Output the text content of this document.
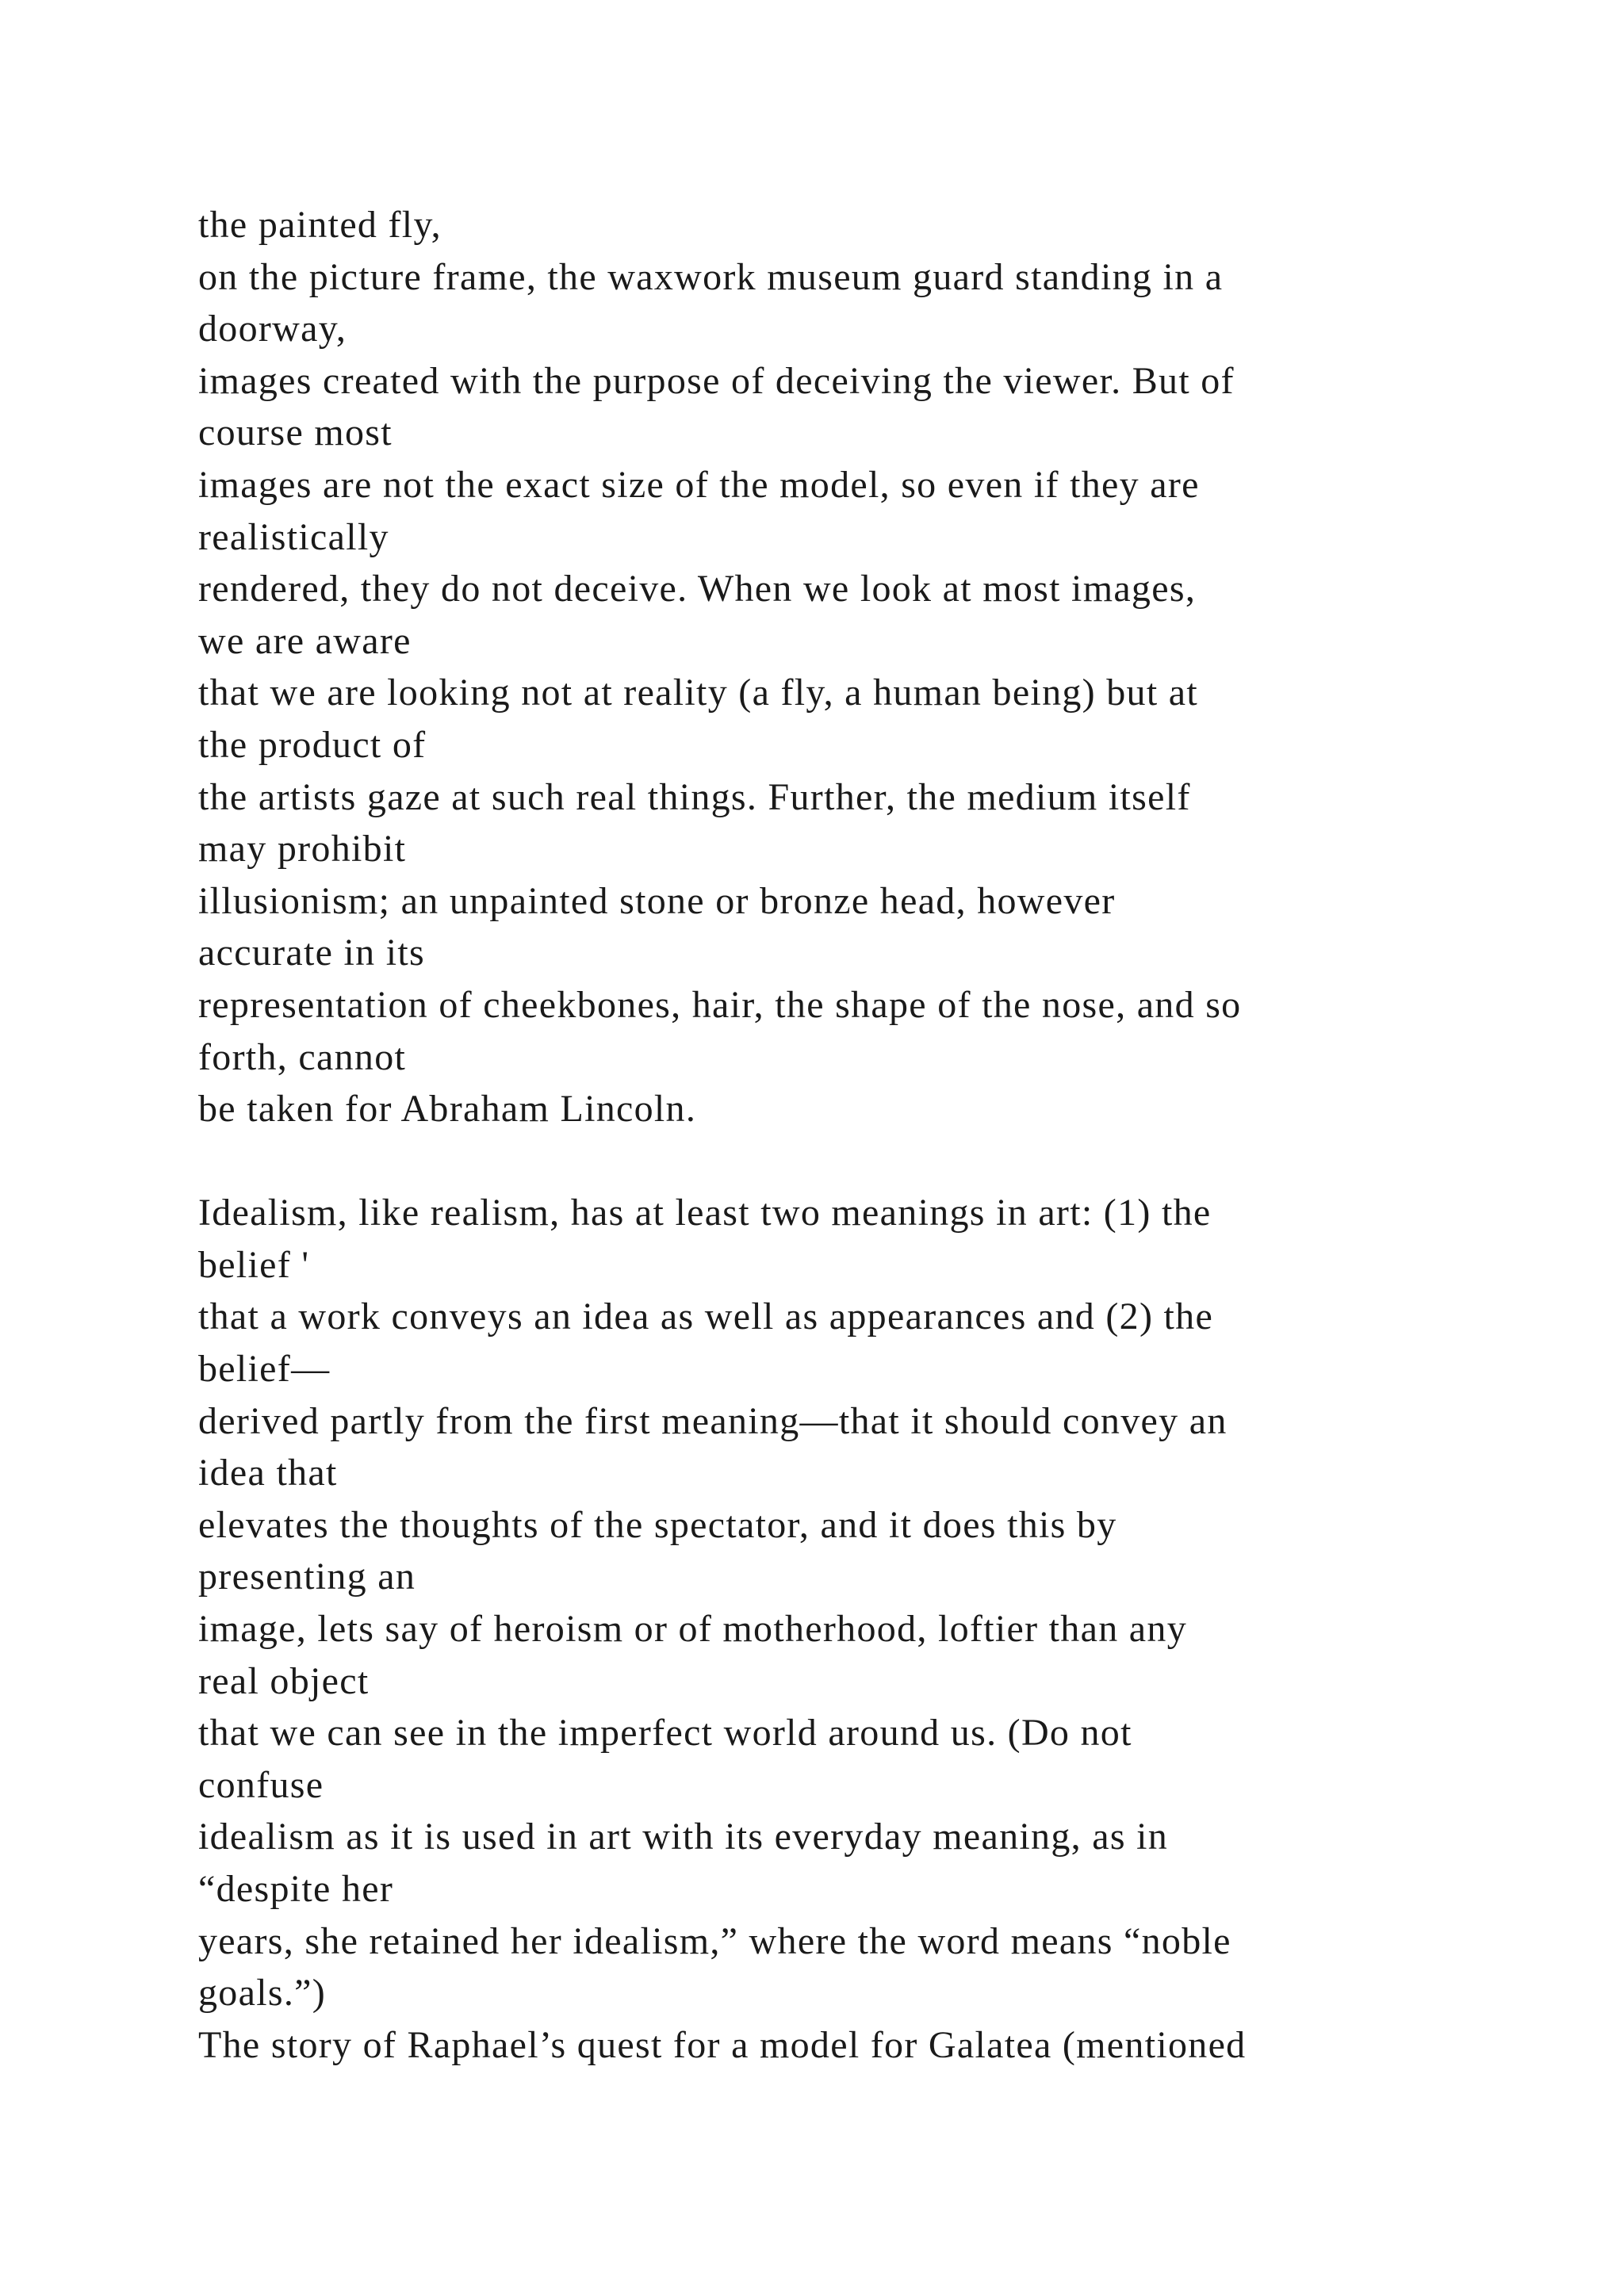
the painted fly,
on the picture frame, the waxwork museum guard standing in a
doorway,
images created with the purpose of deceiving the viewer. But of
course most
images are not the exact size of the model, so even if they are
realistically
rendered, they do not deceive. When we look at most images,
we are aware
that we are looking not at reality (a fly, a human being) but at
the product of
the artists gaze at such real things. Further, the medium itself
may prohibit
illusionism; an unpainted stone or bronze head, however
accurate in its
representation of cheekbones, hair, the shape of the nose, and so
forth, cannot
be taken for Abraham Lincoln.
Idealism, like realism, has at least two meanings in art: (1) the
belief '
that a work conveys an idea as well as appearances and (2) the
belief—
derived partly from the first meaning—that it should convey an
idea that
elevates the thoughts of the spectator, and it does this by
presenting an
image, lets say of heroism or of motherhood, loftier than any
real object
that we can see in the imperfect world around us. (Do not
confuse
idealism as it is used in art with its everyday meaning, as in
“despite her
years, she retained her idealism,” where the word means “noble
goals.”)
The story of Raphael’s quest for a model for Galatea (mentioned
